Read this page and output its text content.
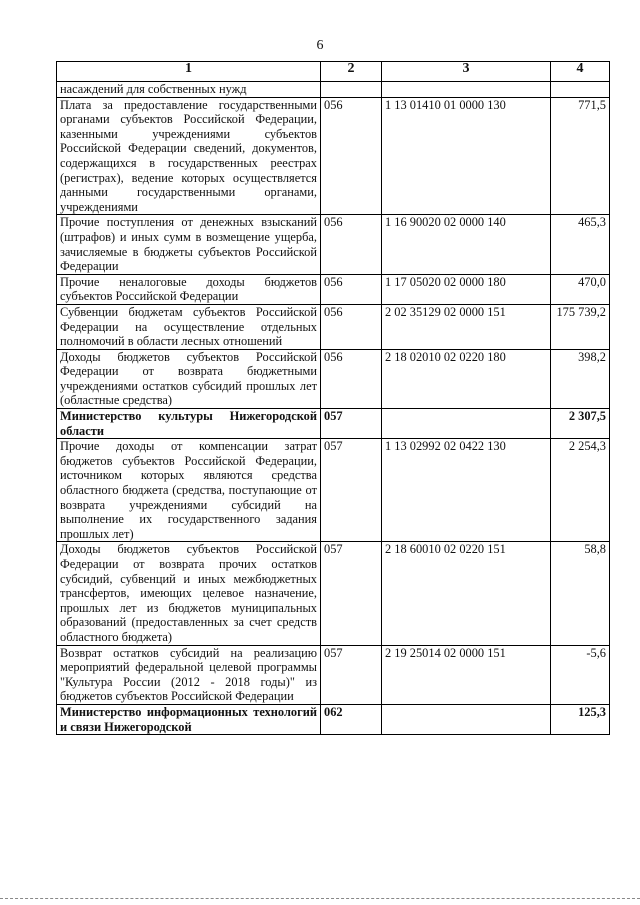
6
1	2	3	4
насаждений для собственных нужд			
Плата за предоставление государственными органами субъектов Российской Федерации, казенными учреждениями субъектов Российской Федерации сведений, документов, содержащихся в государственных реестрах (регистрах), ведение которых осуществляется данными государственными органами, учреждениями	056	1 13 01410 01 0000 130	771,5
Прочие поступления от денежных взысканий (штрафов) и иных сумм в возмещение ущерба, зачисляемые в бюджеты субъектов Российской Федерации	056	1 16 90020 02 0000 140	465,3
Прочие неналоговые доходы бюджетов субъектов Российской Федерации	056	1 17 05020 02 0000 180	470,0
Субвенции бюджетам субъектов Российской Федерации на осуществление отдельных полномочий в области лесных отношений	056	2 02 35129 02 0000 151	175 739,2
Доходы бюджетов субъектов Российской Федерации от возврата бюджетными учреждениями остатков субсидий прошлых лет (областные средства)	056	2 18 02010 02 0220 180	398,2
Министерство культуры Нижегородской области	057		2 307,5
Прочие доходы от компенсации затрат бюджетов субъектов Российской Федерации, источником которых являются средства областного бюджета (средства, поступающие от возврата учреждениями субсидий на выполнение их государственного задания прошлых лет)	057	1 13 02992 02 0422 130	2 254,3
Доходы бюджетов субъектов Российской Федерации от возврата прочих остатков субсидий, субвенций и иных межбюджетных трансфертов, имеющих целевое назначение, прошлых лет из бюджетов муниципальных образований (предоставленных за счет средств областного бюджета)	057	2 18 60010 02 0220 151	58,8
Возврат остатков субсидий на реализацию мероприятий федеральной целевой программы "Культура России (2012 - 2018 годы)" из бюджетов субъектов Российской Федерации	057	2 19 25014 02 0000 151	-5,6
Министерство информационных технологий и связи Нижегородской	062		125,3
